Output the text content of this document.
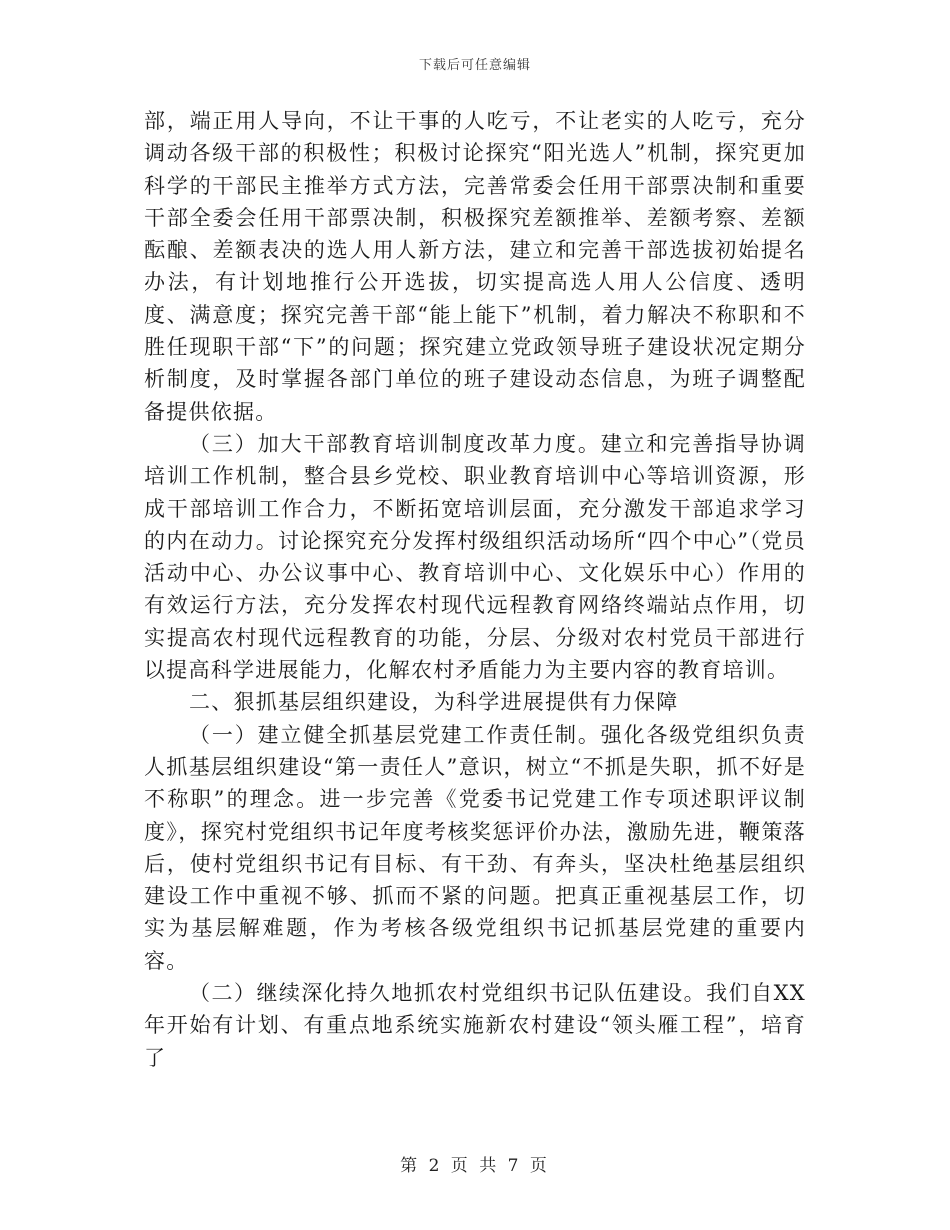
下载后可任意编辑

部，端正用人导向，不让干事的人吃亏，不让老实的人吃亏，充分调动各级干部的积极性；积极讨论探究“阳光选人”机制，探究更加科学的干部民主推举方式方法，完善常委会任用干部票决制和重要干部全委会任用干部票决制，积极探究差额推举、差额考察、差额酝酿、差额表决的选人用人新方法，建立和完善干部选拔初始提名办法，有计划地推行公开选拔，切实提高选人用人公信度、透明度、满意度；探究完善干部“能上能下”机制，着力解决不称职和不胜任现职干部“下”的问题；探究建立党政领导班子建设状况定期分析制度，及时掌握各部门单位的班子建设动态信息，为班子调整配备提供依据。

（三）加大干部教育培训制度改革力度。建立和完善指导协调培训工作机制，整合县乡党校、职业教育培训中心等培训资源，形成干部培训工作合力，不断拓宽培训层面，充分激发干部追求学习的内在动力。讨论探究充分发挥村级组织活动场所“四个中心”（党员活动中心、办公议事中心、教育培训中心、文化娱乐中心）作用的有效运行方法，充分发挥农村现代远程教育网络终端站点作用，切实提高农村现代远程教育的功能，分层、分级对农村党员干部进行以提高科学进展能力，化解农村矛盾能力为主要内容的教育培训。

二、狠抓基层组织建设，为科学进展提供有力保障

（一）建立健全抓基层党建工作责任制。强化各级党组织负责人抓基层组织建设“第一责任人”意识，树立“不抓是失职，抓不好是不称职”的理念。进一步完善《党委书记党建工作专项述职评议制度》，探究村党组织书记年度考核奖惩评价办法，激励先进，鞭策落后，使村党组织书记有目标、有干劲、有奔头，坚决杜绝基层组织建设工作中重视不够、抓而不紧的问题。把真正重视基层工作，切实为基层解难题，作为考核各级党组织书记抓基层党建的重要内容。

（二）继续深化持久地抓农村党组织书记队伍建设。我们自XX年开始有计划、有重点地系统实施新农村建设“领头雁工程”，培育了

第 2 页 共 7 页
